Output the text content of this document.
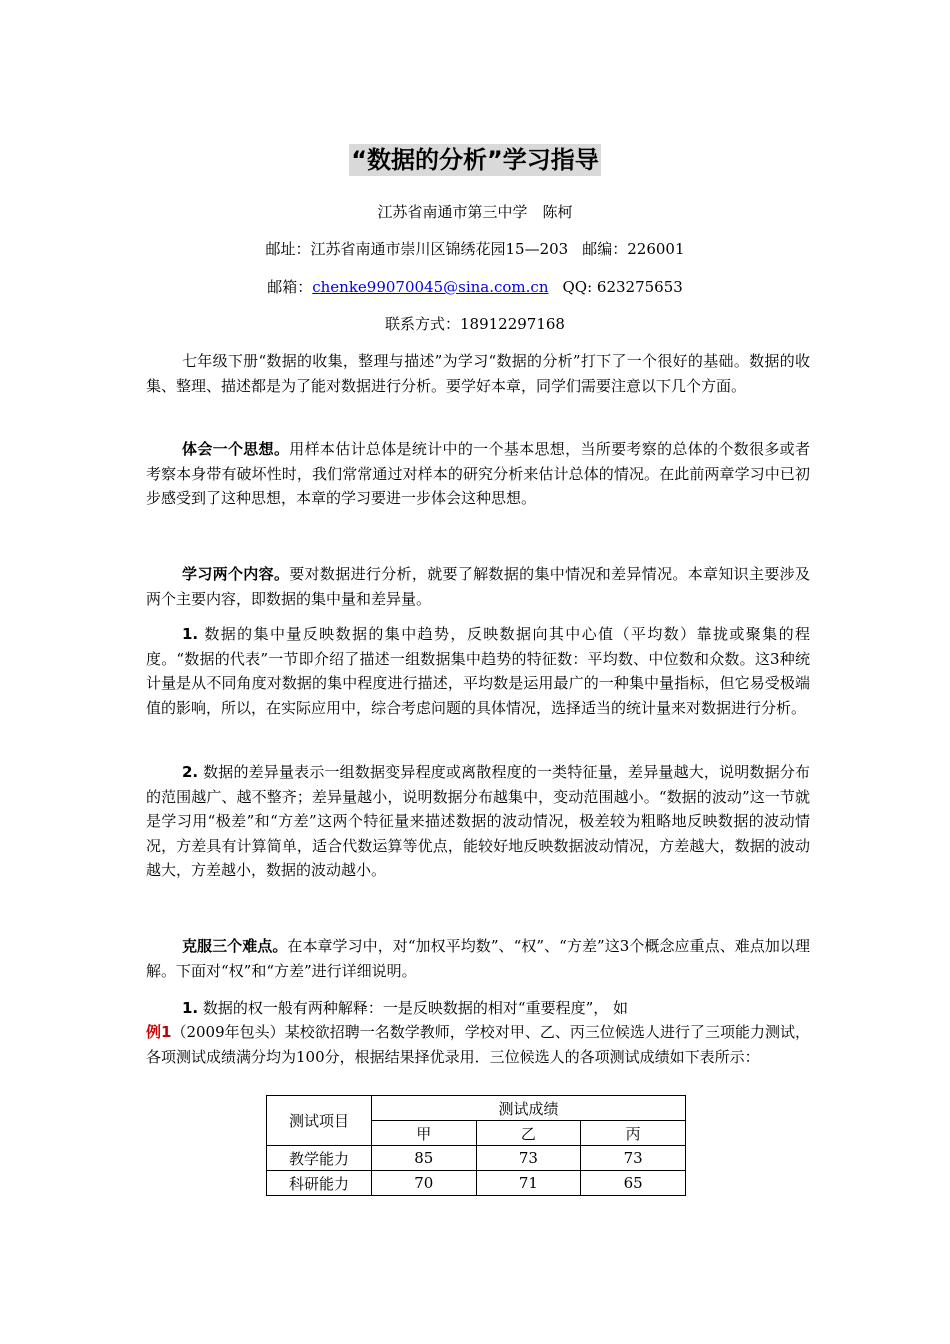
“数据的分析”学习指导
江苏省南通市第三中学　陈柯
邮址：江苏省南通市崇川区锦绣花园15—203 邮编：226001
邮箱：chenke99070045@sina.com.cn QQ: 623275653
联系方式：18912297168

七年级下册“数据的收集，整理与描述”为学习“数据的分析”打下了一个很好的基础。数据的收集、整理、描述都是为了能对数据进行分析。要学好本章，同学们需要注意以下几个方面。

体会一个思想。用样本估计总体是统计中的一个基本思想，当所要考察的总体的个数很多或者考察本身带有破坏性时，我们常常通过对样本的研究分析来估计总体的情况。在此前两章学习中已初步感受到了这种思想，本章的学习要进一步体会这种思想。

学习两个内容。要对数据进行分析，就要了解数据的集中情况和差异情况。本章知识主要涉及两个主要内容，即数据的集中量和差异量。

1. 数据的集中量反映数据的集中趋势，反映数据向其中心值（平均数）靠拢或聚集的程度。“数据的代表”一节即介绍了描述一组数据集中趋势的特征数：平均数、中位数和众数。这3种统计量是从不同角度对数据的集中程度进行描述，平均数是运用最广的一种集中量指标，但它易受极端值的影响，所以，在实际应用中，综合考虑问题的具体情况，选择适当的统计量来对数据进行分析。

2. 数据的差异量表示一组数据变异程度或离散程度的一类特征量，差异量越大，说明数据分布的范围越广、越不整齐；差异量越小，说明数据分布越集中，变动范围越小。“数据的波动”这一节就是学习用“极差”和“方差”这两个特征量来描述数据的波动情况，极差较为粗略地反映数据的波动情况，方差具有计算简单，适合代数运算等优点，能较好地反映数据波动情况，方差越大，数据的波动越大，方差越小，数据的波动越小。

克服三个难点。在本章学习中，对“加权平均数”、“权”、“方差”这3个概念应重点、难点加以理解。下面对“权”和“方差”进行详细说明。

1. 数据的权一般有两种解释：一是反映数据的相对“重要程度”， 如

例1（2009年包头）某校欲招聘一名数学教师，学校对甲、乙、丙三位候选人进行了三项能力测试，各项测试成绩满分均为100分，根据结果择优录用．三位候选人的各项测试成绩如下表所示：

测试项目	测试成绩		
	甲	乙	丙
教学能力	85	73	73
科研能力	70	71	65
